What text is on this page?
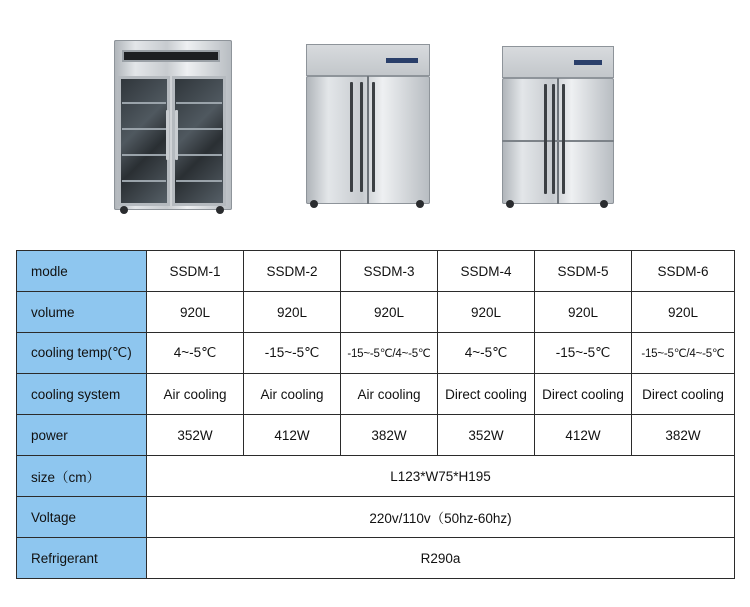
modle	SSDM-1	SSDM-2	SSDM-3	SSDM-4	SSDM-5	SSDM-6
volume	920L	920L	920L	920L	920L	920L
cooling temp(℃)	4~-5℃	-15~-5℃	-15~-5℃/4~-5℃	4~-5℃	-15~-5℃	-15~-5℃/4~-5℃
cooling system	Air cooling	Air cooling	Air cooling	Direct cooling	Direct cooling	Direct cooling
power	352W	412W	382W	352W	412W	382W
size（cm）	L123*W75*H195					
Voltage	220v/110v（50hz-60hz)					
Refrigerant	R290a					
